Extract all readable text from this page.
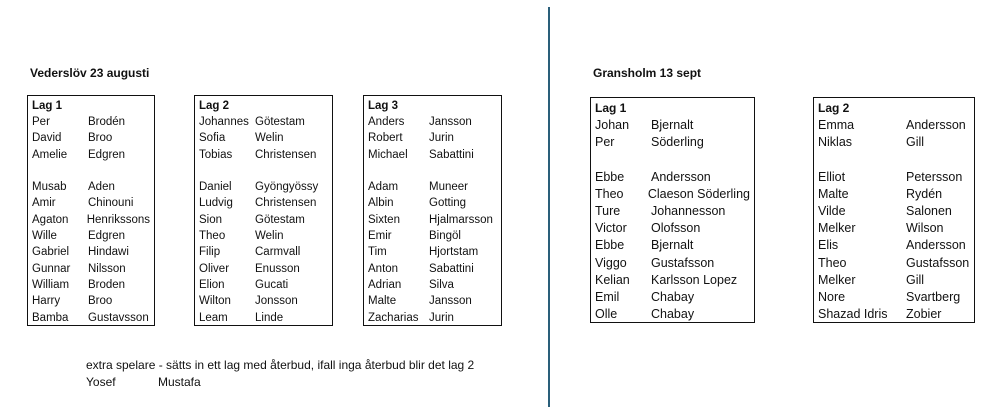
Vederslöv 23 augusti
Lag 1
Per	Brodén
David	Broo
Amelie	Edgren
Musab	Aden
Amir	Chinouni
Agaton	Henrikssons
Wille	Edgren
Gabriel	Hindawi
Gunnar	Nilsson
William	Broden
Harry	Broo
Bamba	Gustavsson
Lag 2
Johannes Götestam
Sofia	Welin
Tobias	Christensen
Daniel	Gyöngyössy
Ludvig	Christensen
Sion	Götestam
Theo	Welin
Filip	Carmvall
Oliver	Enusson
Elion	Gucati
Wilton	Jonsson
Leam	Linde
Lag 3
Anders	Jansson
Robert	Jurin
Michael	Sabattini
Adam	Muneer
Albin	Gotting
Sixten	Hjalmarsson
Emir	Bingöl
Tim	Hjortstam
Anton	Sabattini
Adrian	Silva
Malte	Jansson
Zacharias Jurin
extra spelare - sätts in ett lag med återbud, ifall inga återbud blir det lag 2
Yosef	Mustafa
Gransholm 13 sept
Lag 1
Johan	Bjernalt
Per	Söderling
Ebbe	Andersson
Theo	Claeson Söderling
Ture	Johannesson
Victor	Olofsson
Ebbe	Bjernalt
Viggo	Gustafsson
Kelian	Karlsson Lopez
Emil	Chabay
Olle	Chabay
Lag 2
Emma	Andersson
Niklas	Gill
Elliot	Petersson
Malte	Rydén
Vilde	Salonen
Melker	Wilson
Elis	Andersson
Theo	Gustafsson
Melker	Gill
Nore	Svartberg
Shazad Idris	Zobier
